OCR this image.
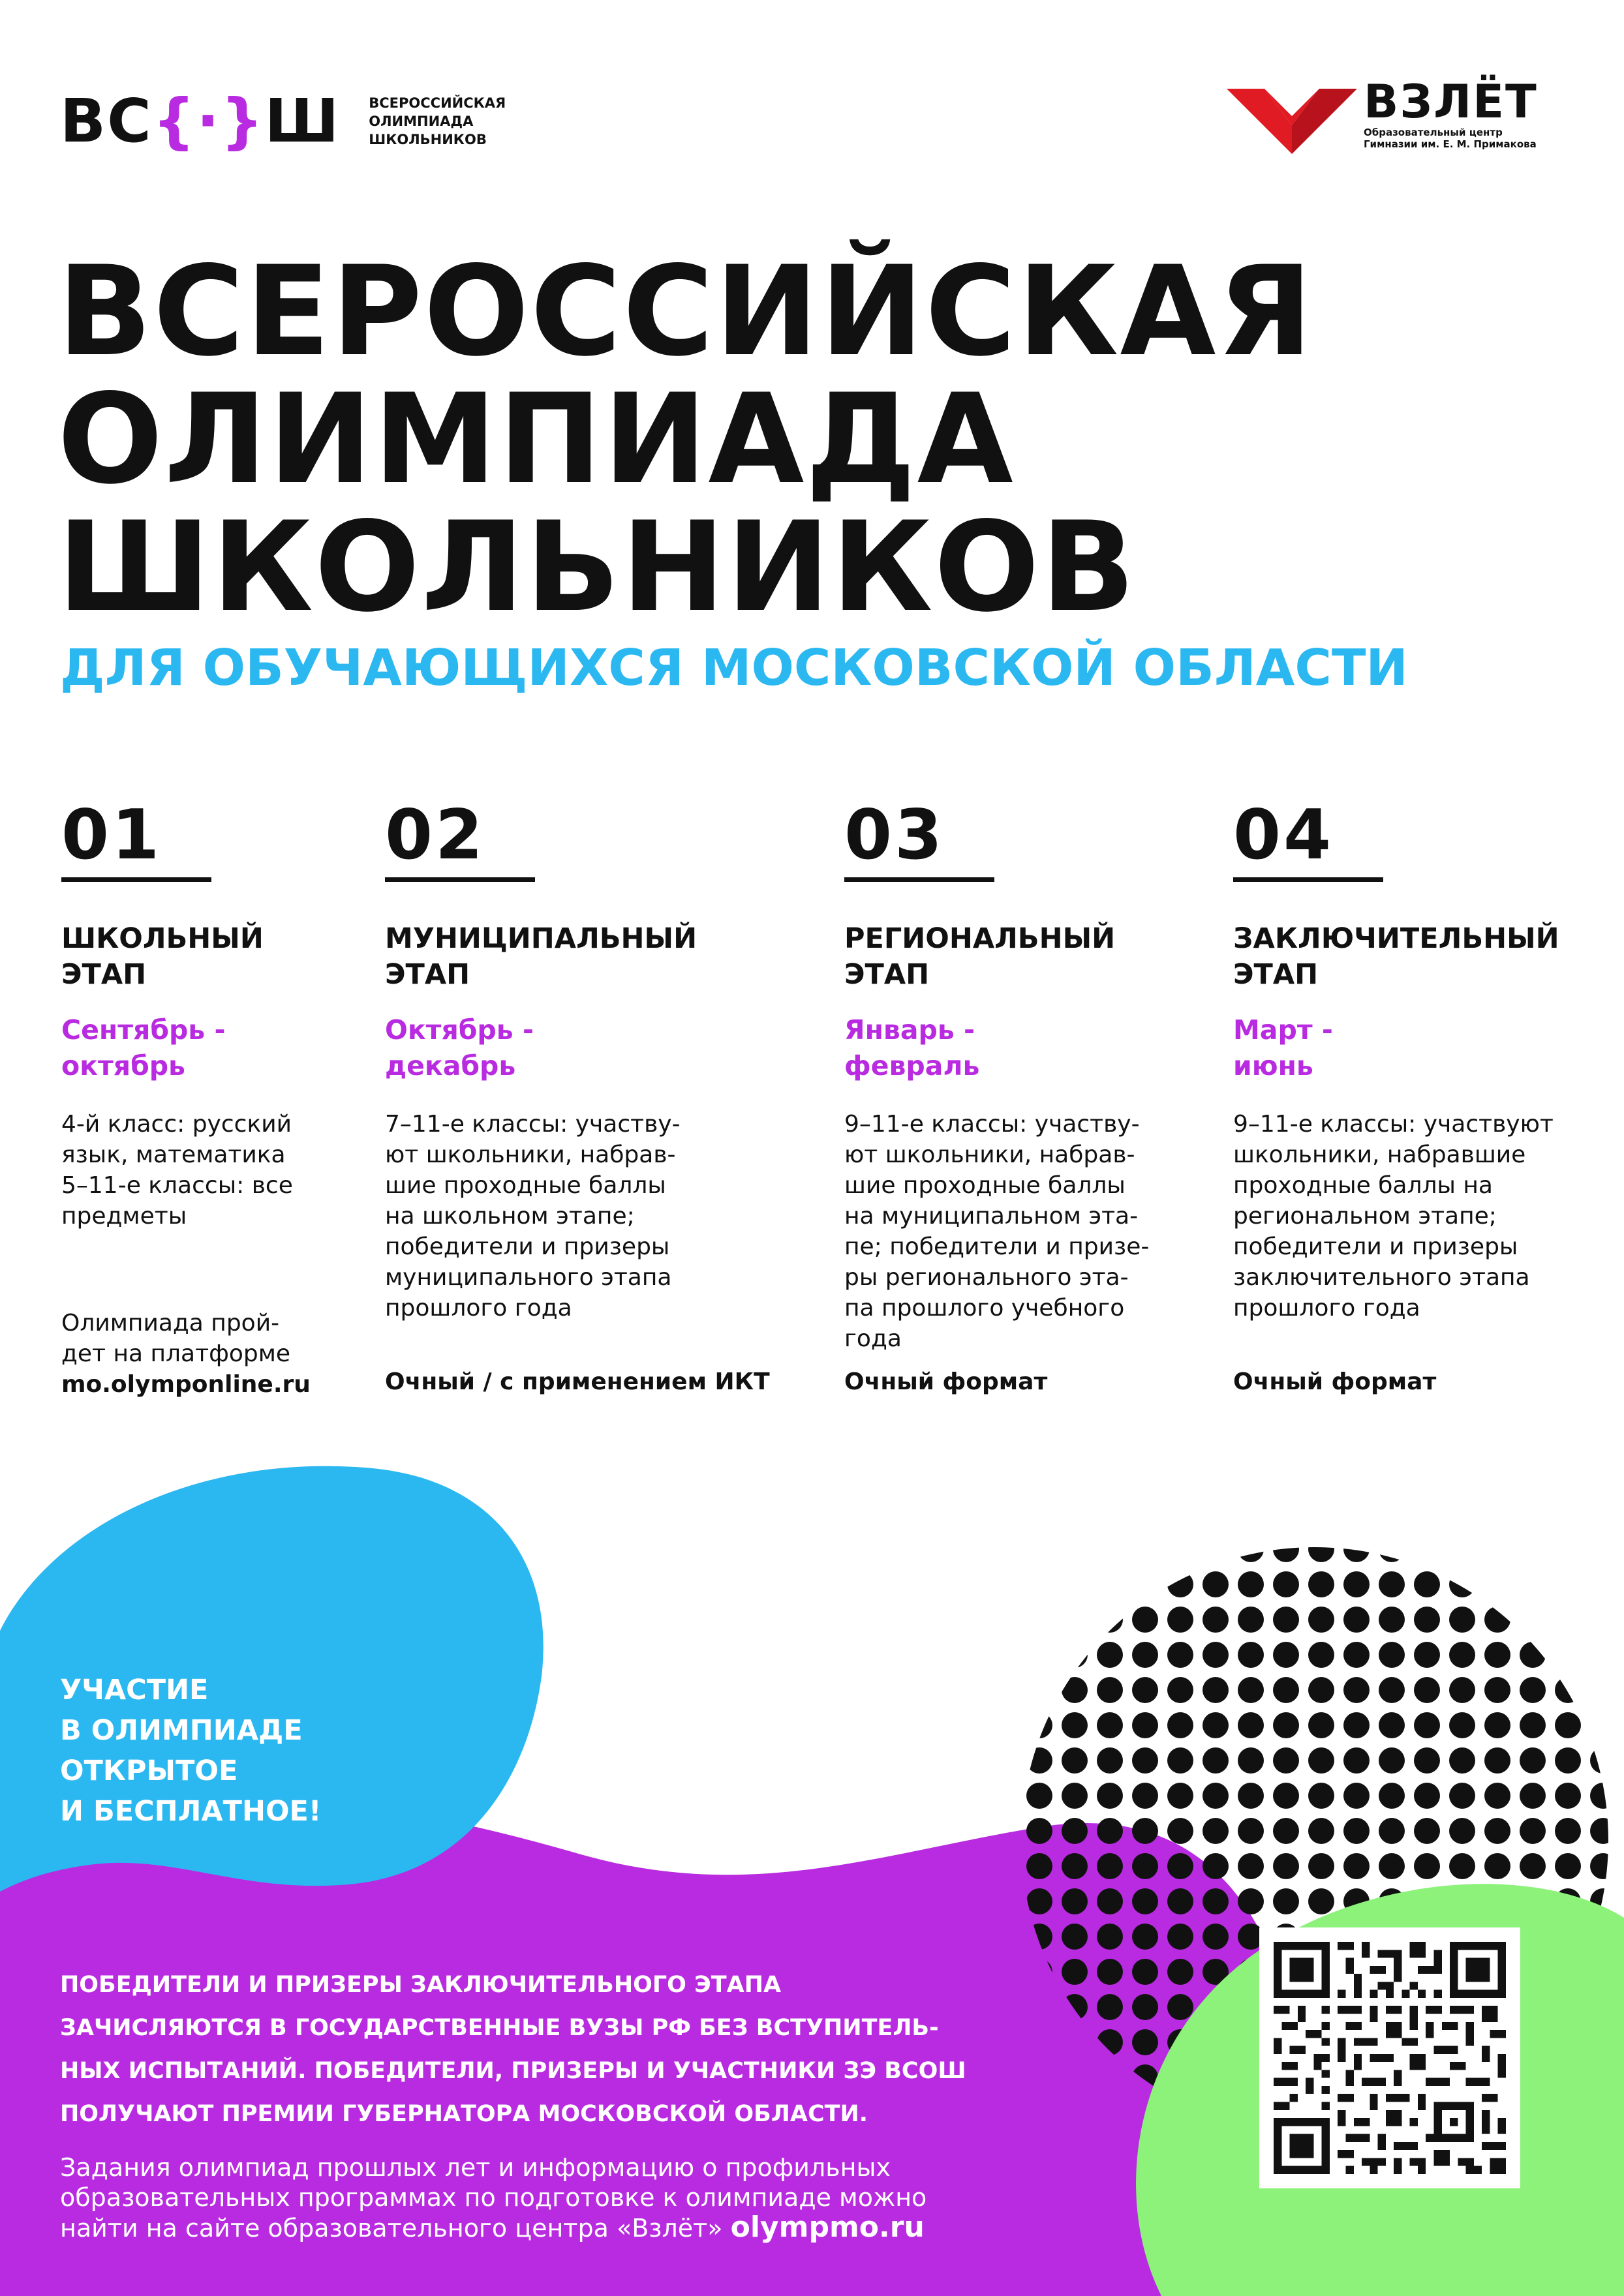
ВС{·}Ш ВСЕРОССИЙСКАЯ
ОЛИМПИАДА
ШКОЛЬНИКОВ
ВЗЛЁТ
Образовательный центр
Гимназии им. Е. М. Примакова
ВСЕРОССИЙСКАЯ
ОЛИМПИАДА
ШКОЛЬНИКОВ
ДЛЯ ОБУЧАЮЩИХСЯ МОСКОВСКОЙ ОБЛАСТИ
01
ШКОЛЬНЫЙ
ЭТАП
Сентябрь -
октябрь
4-й класс: русский
язык, математика
5–11-е классы: все
предметы
Олимпиада прой-
дет на платформе
mo.olymponline.ru
02
МУНИЦИПАЛЬНЫЙ
ЭТАП
Октябрь -
декабрь
7–11-е классы: участву-
ют школьники, набрав-
шие проходные баллы
на школьном этапе;
победители и призеры
муниципального этапа
прошлого года
Очный / с применением ИКТ
03
РЕГИОНАЛЬНЫЙ
ЭТАП
Январь -
февраль
9–11-е классы: участву-
ют школьники, набрав-
шие проходные баллы
на муниципальном эта-
пе; победители и призе-
ры регионального эта-
па прошлого учебного
года
Очный формат
04
ЗАКЛЮЧИТЕЛЬНЫЙ
ЭТАП
Март -
июнь
9–11-е классы: участвуют
школьники, набравшие
проходные баллы на
региональном этапе;
победители и призеры
заключительного этапа
прошлого года
Очный формат
УЧАСТИЕ
В ОЛИМПИАДЕ
ОТКРЫТОЕ
И БЕСПЛАТНОЕ!
ПОБЕДИТЕЛИ И ПРИЗЕРЫ ЗАКЛЮЧИТЕЛЬНОГО ЭТАПА
ЗАЧИСЛЯЮТСЯ В ГОСУДАРСТВЕННЫЕ ВУЗЫ РФ БЕЗ ВСТУПИТЕЛЬ-
НЫХ ИСПЫТАНИЙ. ПОБЕДИТЕЛИ, ПРИЗЕРЫ И УЧАСТНИКИ ЗЭ ВСОШ
ПОЛУЧАЮТ ПРЕМИИ ГУБЕРНАТОРА МОСКОВСКОЙ ОБЛАСТИ.
Задания олимпиад прошлых лет и информацию о профильных
образовательных программах по подготовке к олимпиаде можно
найти на сайте образовательного центра «Взлёт» olympmo.ru
